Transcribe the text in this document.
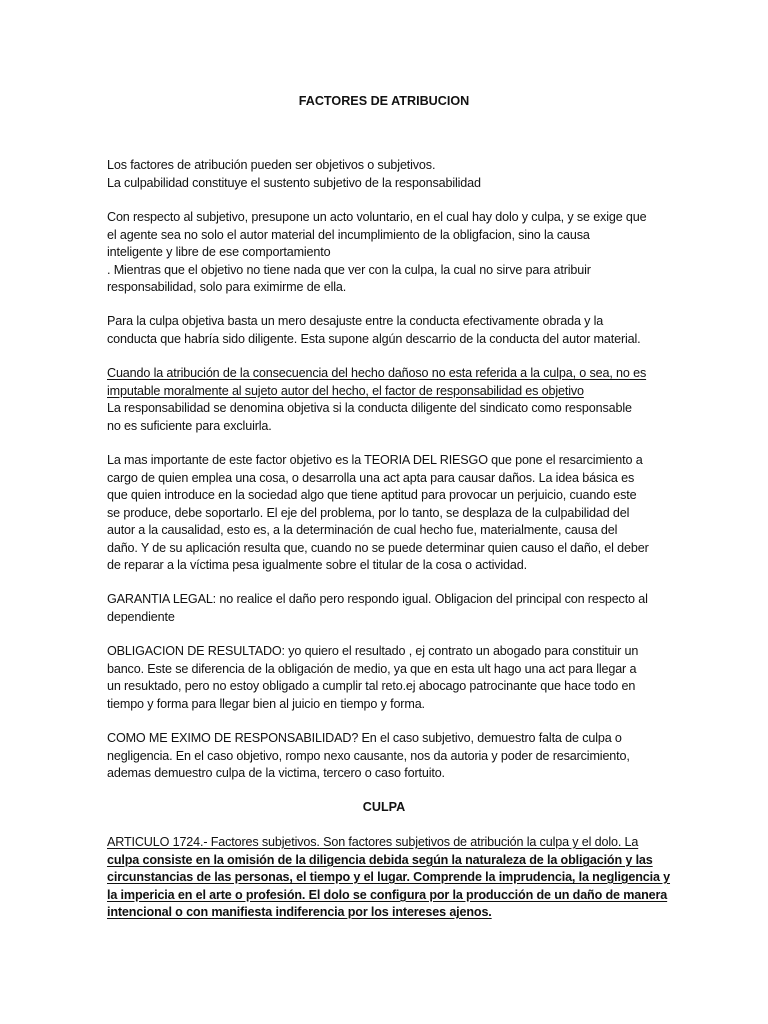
FACTORES DE ATRIBUCION
Los factores de atribución pueden ser objetivos o subjetivos.
La culpabilidad constituye el sustento subjetivo de la responsabilidad
Con respecto al subjetivo, presupone un acto voluntario, en el cual hay dolo y culpa, y se exige que
el agente sea no solo el autor material del incumplimiento de la obligfacion, sino la causa
inteligente y libre de ese comportamiento
. Mientras que el objetivo no tiene nada que ver con la culpa, la cual no sirve para atribuir
responsabilidad, solo para eximirme de ella.
Para la culpa objetiva basta un mero desajuste entre la conducta efectivamente obrada y la
conducta que habría sido diligente. Esta supone algún descarrio de la conducta del autor material.
Cuando la atribución de la consecuencia del hecho dañoso no esta referida a la culpa, o sea, no es
imputable moralmente al sujeto autor del hecho, el factor de responsabilidad es objetivo
La responsabilidad se denomina objetiva si la conducta diligente del sindicato como responsable
no es suficiente para excluirla.
La mas importante de este factor objetivo es la TEORIA DEL RIESGO que pone el resarcimiento a
cargo de quien emplea una cosa, o desarrolla una act apta para causar daños. La idea básica es
que quien introduce en la sociedad algo que tiene aptitud para provocar un perjuicio, cuando este
se produce, debe soportarlo. El eje del problema, por lo tanto, se desplaza de la culpabilidad del
autor a la causalidad, esto es, a la determinación de cual hecho fue, materialmente, causa del
daño. Y de su aplicación resulta que, cuando no se puede determinar quien causo el daño, el deber
de reparar a la víctima pesa igualmente sobre el titular de la cosa o actividad.
GARANTIA LEGAL: no realice el daño pero respondo igual. Obligacion del principal con respecto al
dependiente
OBLIGACION DE RESULTADO: yo quiero el resultado , ej contrato un abogado para constituir un
banco. Este se diferencia de la obligación de medio, ya que en esta ult hago una act para llegar a
un resuktado, pero no estoy obligado a cumplir tal reto.ej abocago patrocinante que hace todo en
tiempo y forma para llegar bien al juicio en tiempo y forma.
COMO ME EXIMO DE RESPONSABILIDAD? En el caso subjetivo, demuestro falta de culpa o
negligencia. En el caso objetivo, rompo nexo causante, nos da autoria y poder de resarcimiento,
ademas demuestro culpa de la victima, tercero o caso fortuito.
CULPA
ARTICULO 1724.- Factores subjetivos. Son factores subjetivos de atribución la culpa y el dolo. La
culpa consiste en la omisión de la diligencia debida según la naturaleza de la obligación y las
circunstancias de las personas, el tiempo y el lugar. Comprende la imprudencia, la negligencia y
la impericia en el arte o profesión. El dolo se configura por la producción de un daño de manera
intencional o con manifiesta indiferencia por los intereses ajenos.
